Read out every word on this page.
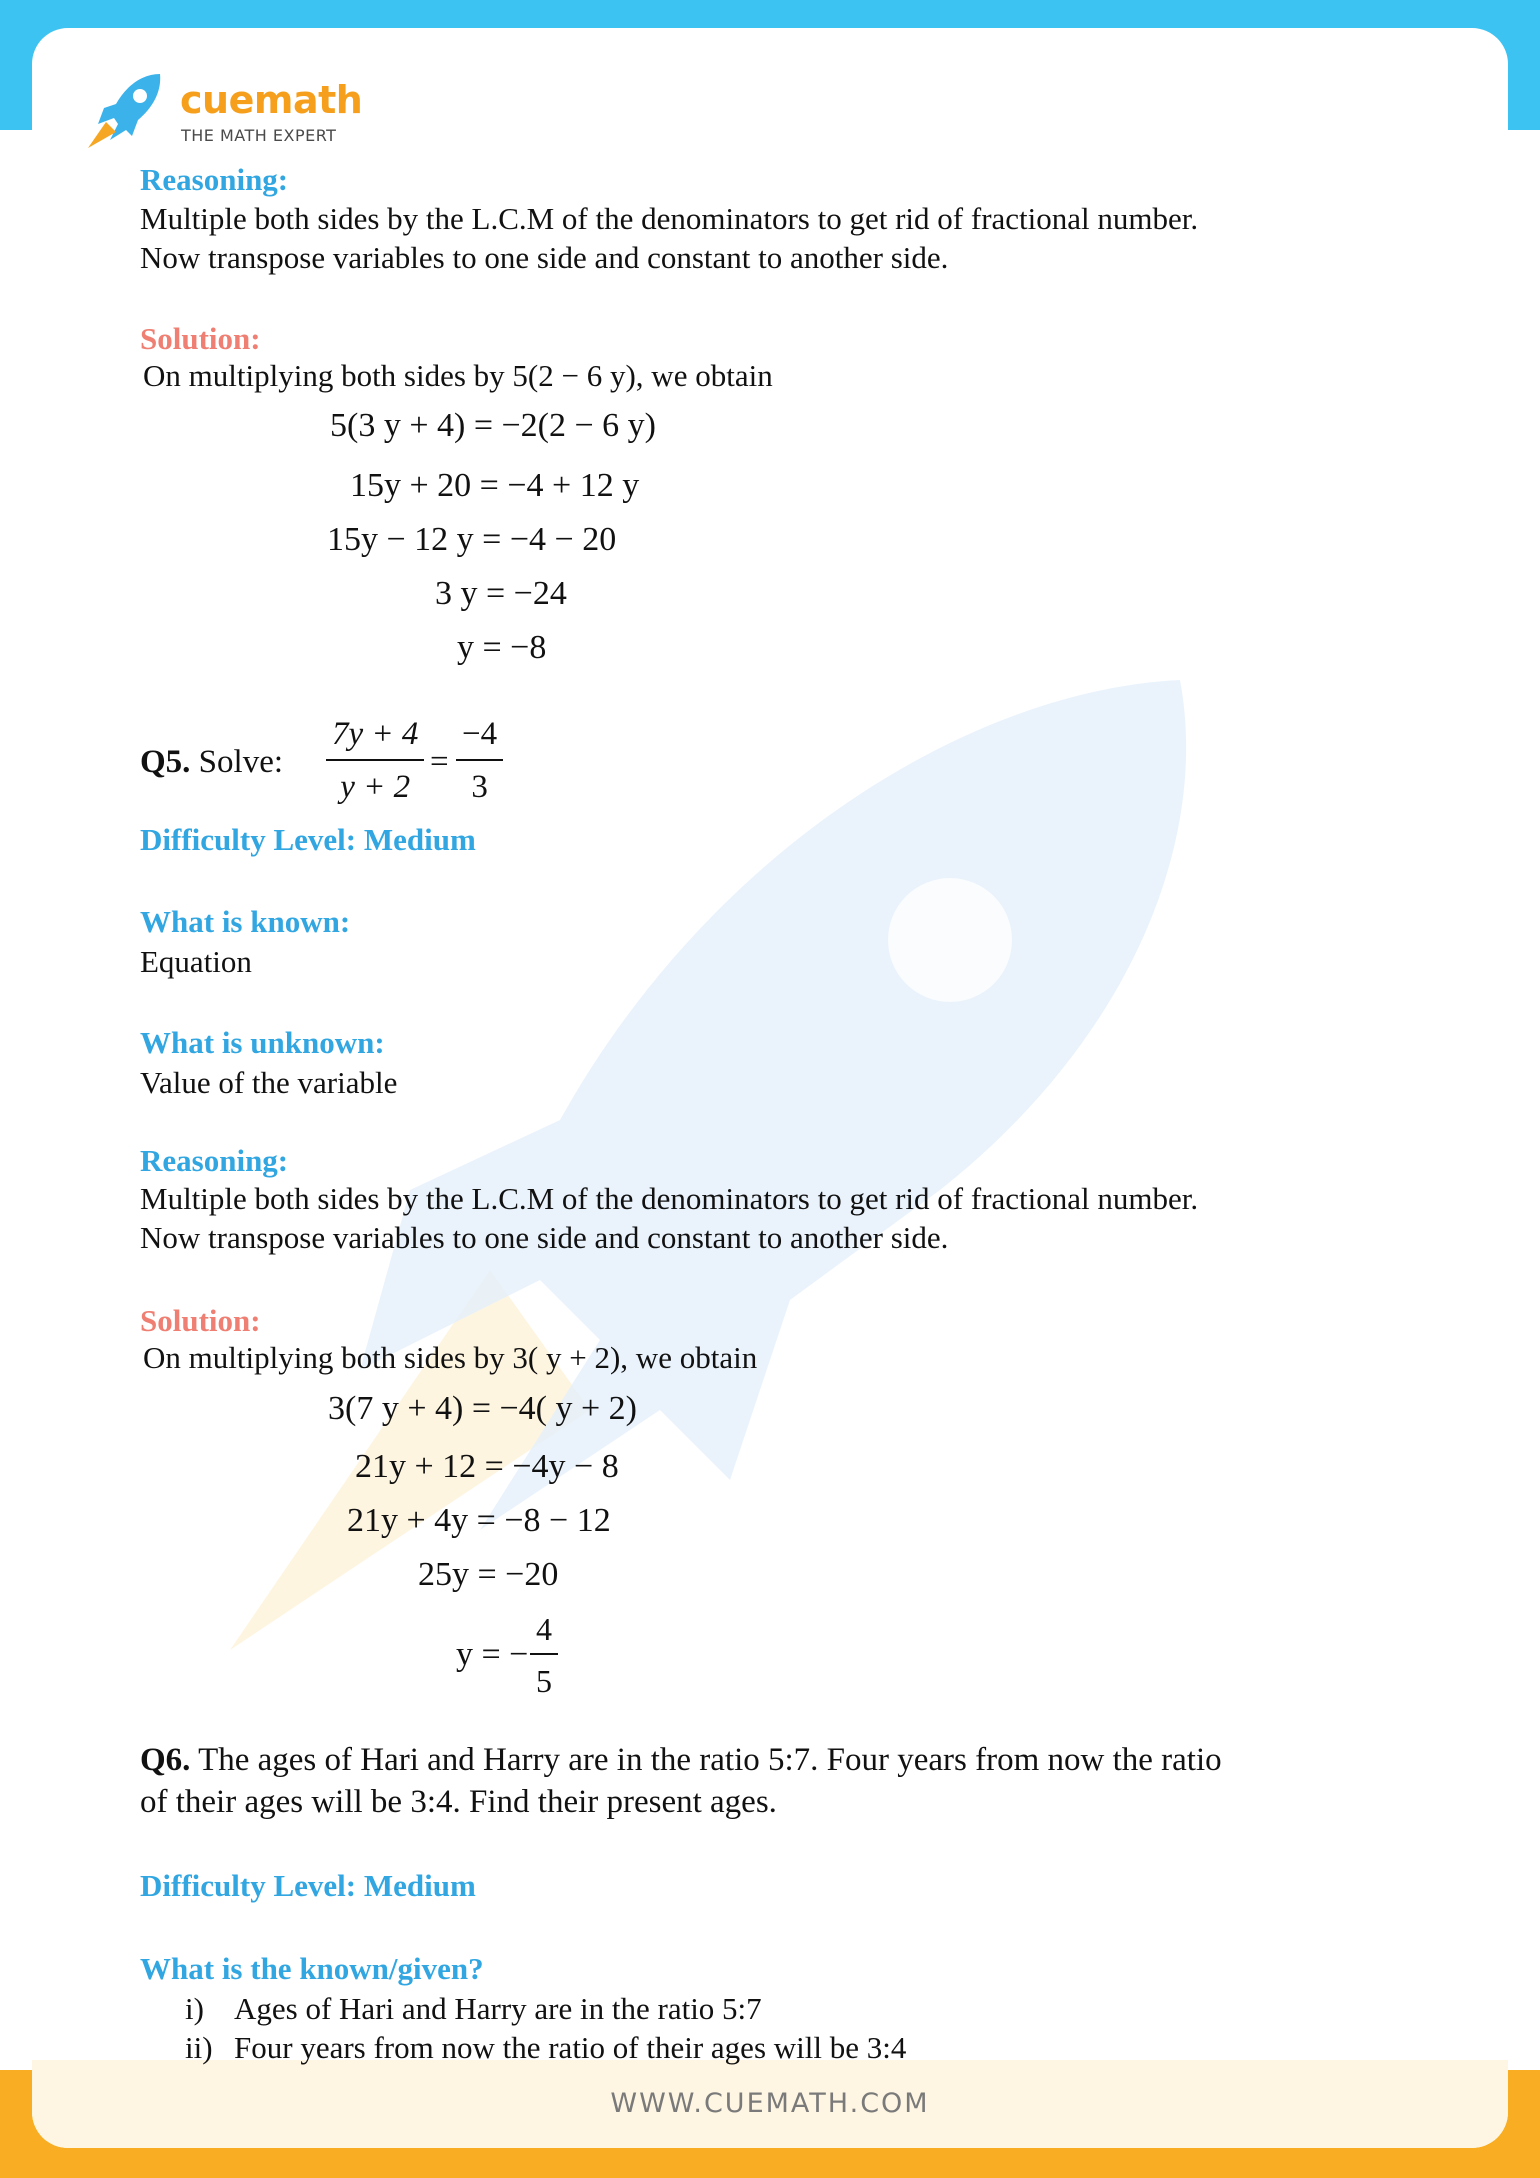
cuemath
THE MATH EXPERT
Reasoning:
Multiple both sides by the L.C.M of the denominators to get rid of fractional number.
Now transpose variables to one side and constant to another side.
Solution:
On multiplying both sides by 5(2 − 6 y), we obtain
5(3 y + 4) = −2(2 − 6 y)
15y + 20 = −4 + 12 y
15y − 12 y = −4 − 20
3 y = −24
y = −8
Q5. Solve:
7y + 4
y + 2
=
−4
3
Difficulty Level: Medium
What is known:
Equation
What is unknown:
Value of the variable
Reasoning:
Multiple both sides by the L.C.M of the denominators to get rid of fractional number.
Now transpose variables to one side and constant to another side.
Solution:
On multiplying both sides by 3( y + 2), we obtain
3(7 y + 4) = −4( y + 2)
21y + 12 = −4y − 8
21y + 4y = −8 − 12
25y = −20
y = −
4
5
Q6. The ages of Hari and Harry are in the ratio 5:7. Four years from now the ratio
of their ages will be 3:4. Find their present ages.
Difficulty Level: Medium
What is the known/given?
i) Ages of Hari and Harry are in the ratio 5:7
ii) Four years from now the ratio of their ages will be 3:4
WWW.CUEMATH.COM
